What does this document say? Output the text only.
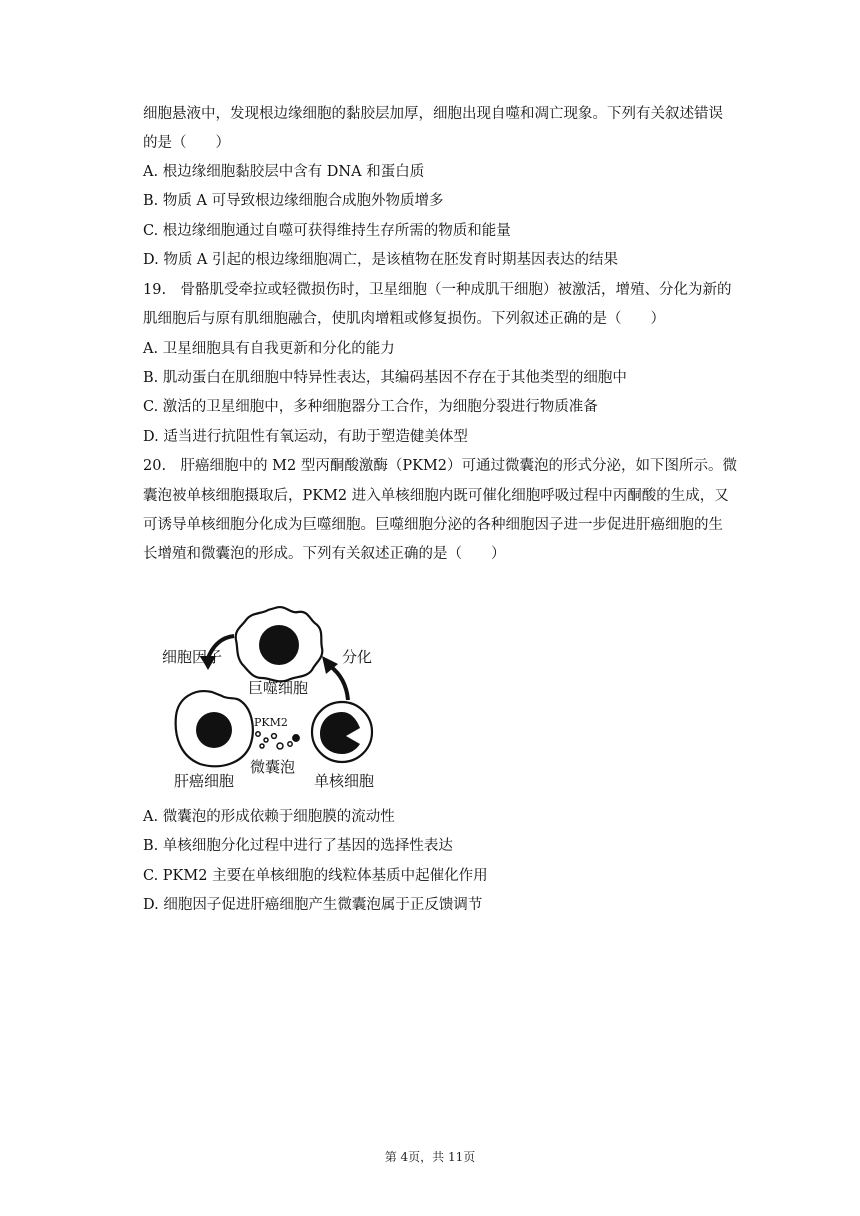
细胞悬液中，发现根边缘细胞的黏胶层加厚，细胞出现自噬和凋亡现象。下列有关叙述错误
的是（　　）
A. 根边缘细胞黏胶层中含有 DNA 和蛋白质
B. 物质 A 可导致根边缘细胞合成胞外物质增多
C. 根边缘细胞通过自噬可获得维持生存所需的物质和能量
D. 物质 A 引起的根边缘细胞凋亡，是该植物在胚发育时期基因表达的结果
19.　骨骼肌受牵拉或轻微损伤时，卫星细胞（一种成肌干细胞）被激活，增殖、分化为新的
肌细胞后与原有肌细胞融合，使肌肉增粗或修复损伤。下列叙述正确的是（　　）
A. 卫星细胞具有自我更新和分化的能力
B. 肌动蛋白在肌细胞中特异性表达，其编码基因不存在于其他类型的细胞中
C. 激活的卫星细胞中，多种细胞器分工合作，为细胞分裂进行物质准备
D. 适当进行抗阻性有氧运动，有助于塑造健美体型
20.　肝癌细胞中的 M2 型丙酮酸激酶（PKM2）可通过微囊泡的形式分泌，如下图所示。微
囊泡被单核细胞摄取后，PKM2 进入单核细胞内既可催化细胞呼吸过程中丙酮酸的生成，又
可诱导单核细胞分化成为巨噬细胞。巨噬细胞分泌的各种细胞因子进一步促进肝癌细胞的生
长增殖和微囊泡的形成。下列有关叙述正确的是（　　）
巨噬细胞
细胞因子	分化
肝癌细胞
PKM2
微囊泡
单核细胞
A. 微囊泡的形成依赖于细胞膜的流动性
B. 单核细胞分化过程中进行了基因的选择性表达
C. PKM2 主要在单核细胞的线粒体基质中起催化作用
D. 细胞因子促进肝癌细胞产生微囊泡属于正反馈调节
第 4页，共 11页
